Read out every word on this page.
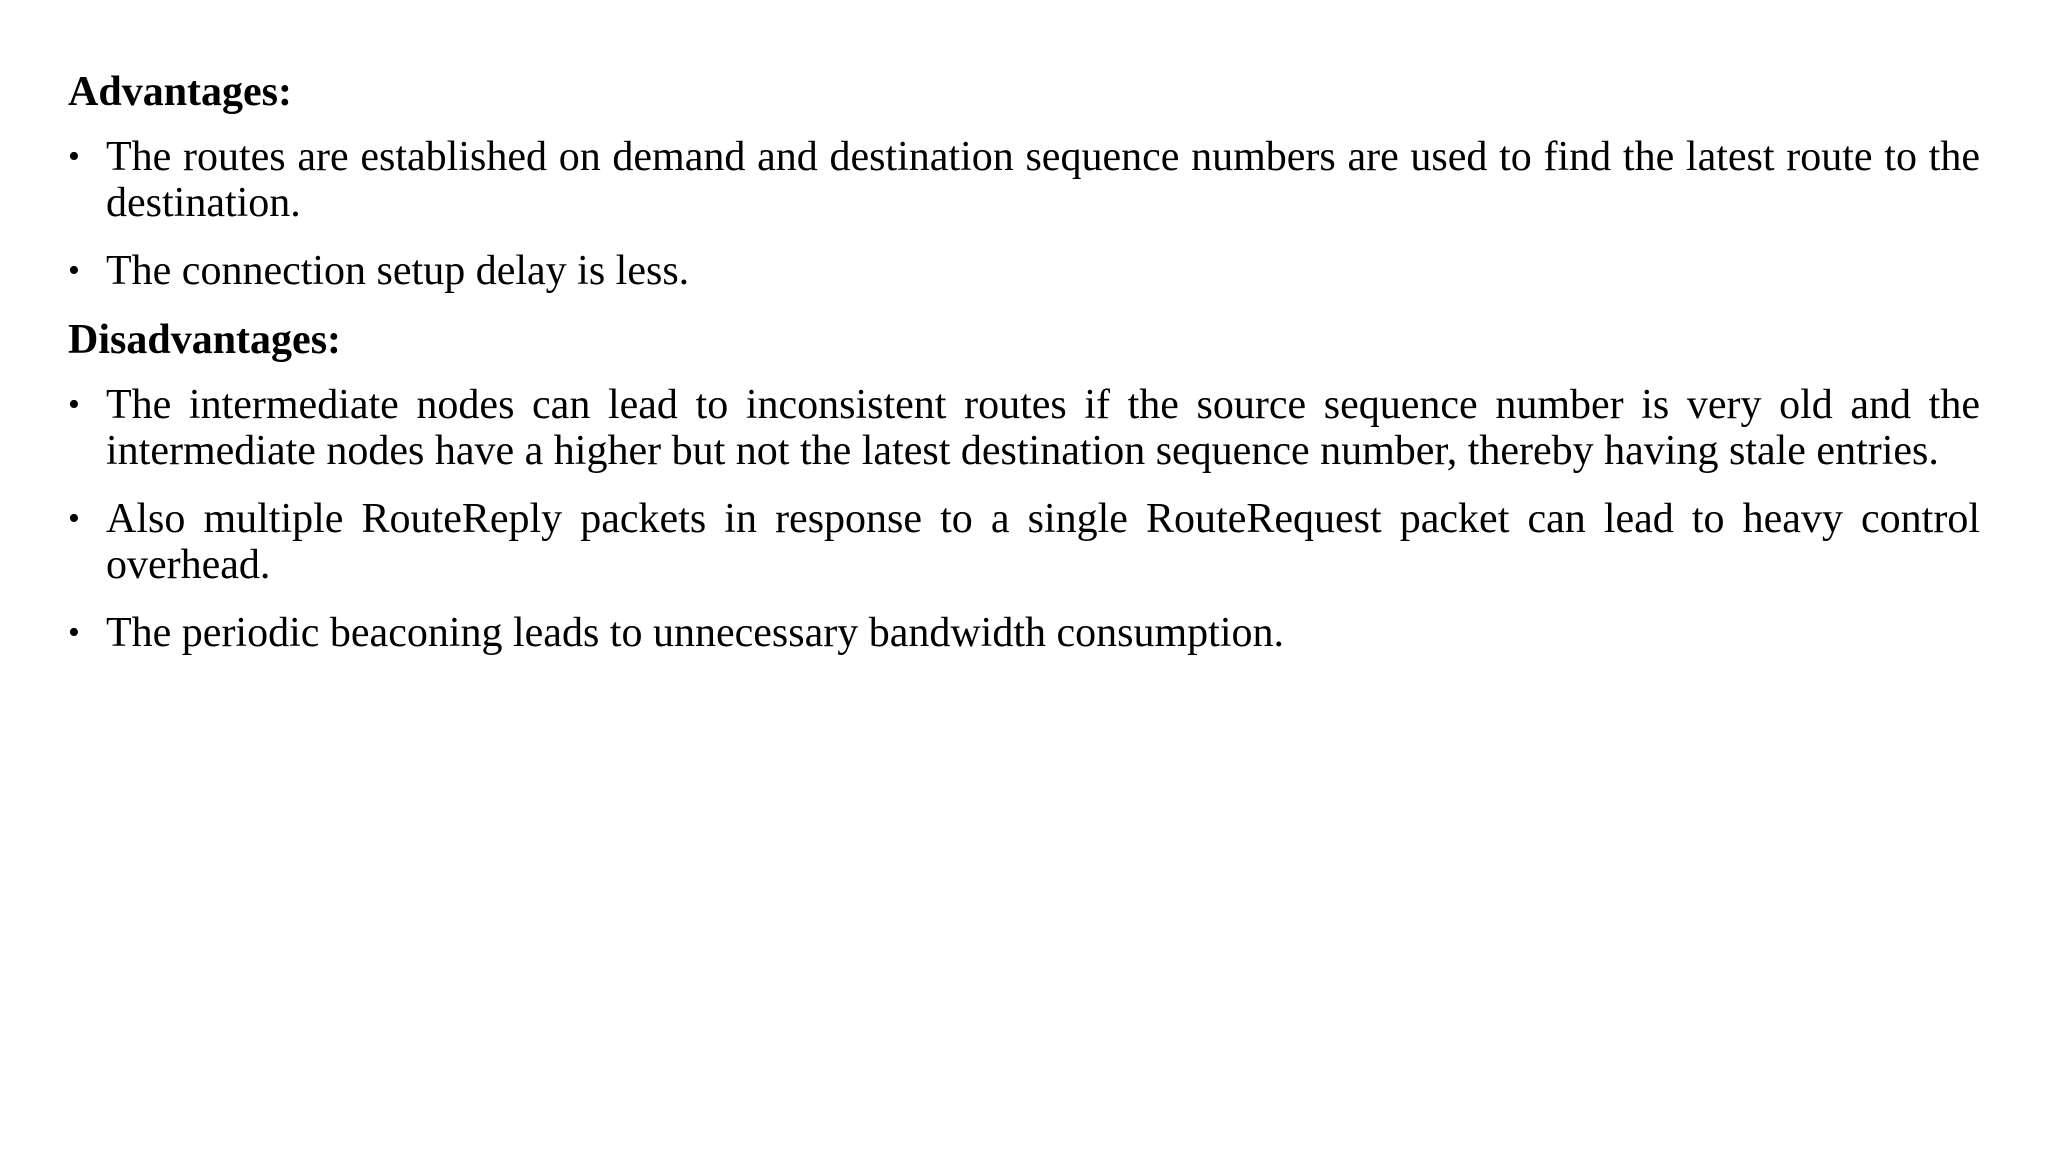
Advantages:
• The routes are established on demand and destination sequence numbers are used to find the latest route to the destination.
• The connection setup delay is less.
Disadvantages:
• The intermediate nodes can lead to inconsistent routes if the source sequence number is very old and the intermediate nodes have a higher but not the latest destination sequence number, thereby having stale entries.
• Also multiple RouteReply packets in response to a single RouteRequest packet can lead to heavy control overhead.
• The periodic beaconing leads to unnecessary bandwidth consumption.
